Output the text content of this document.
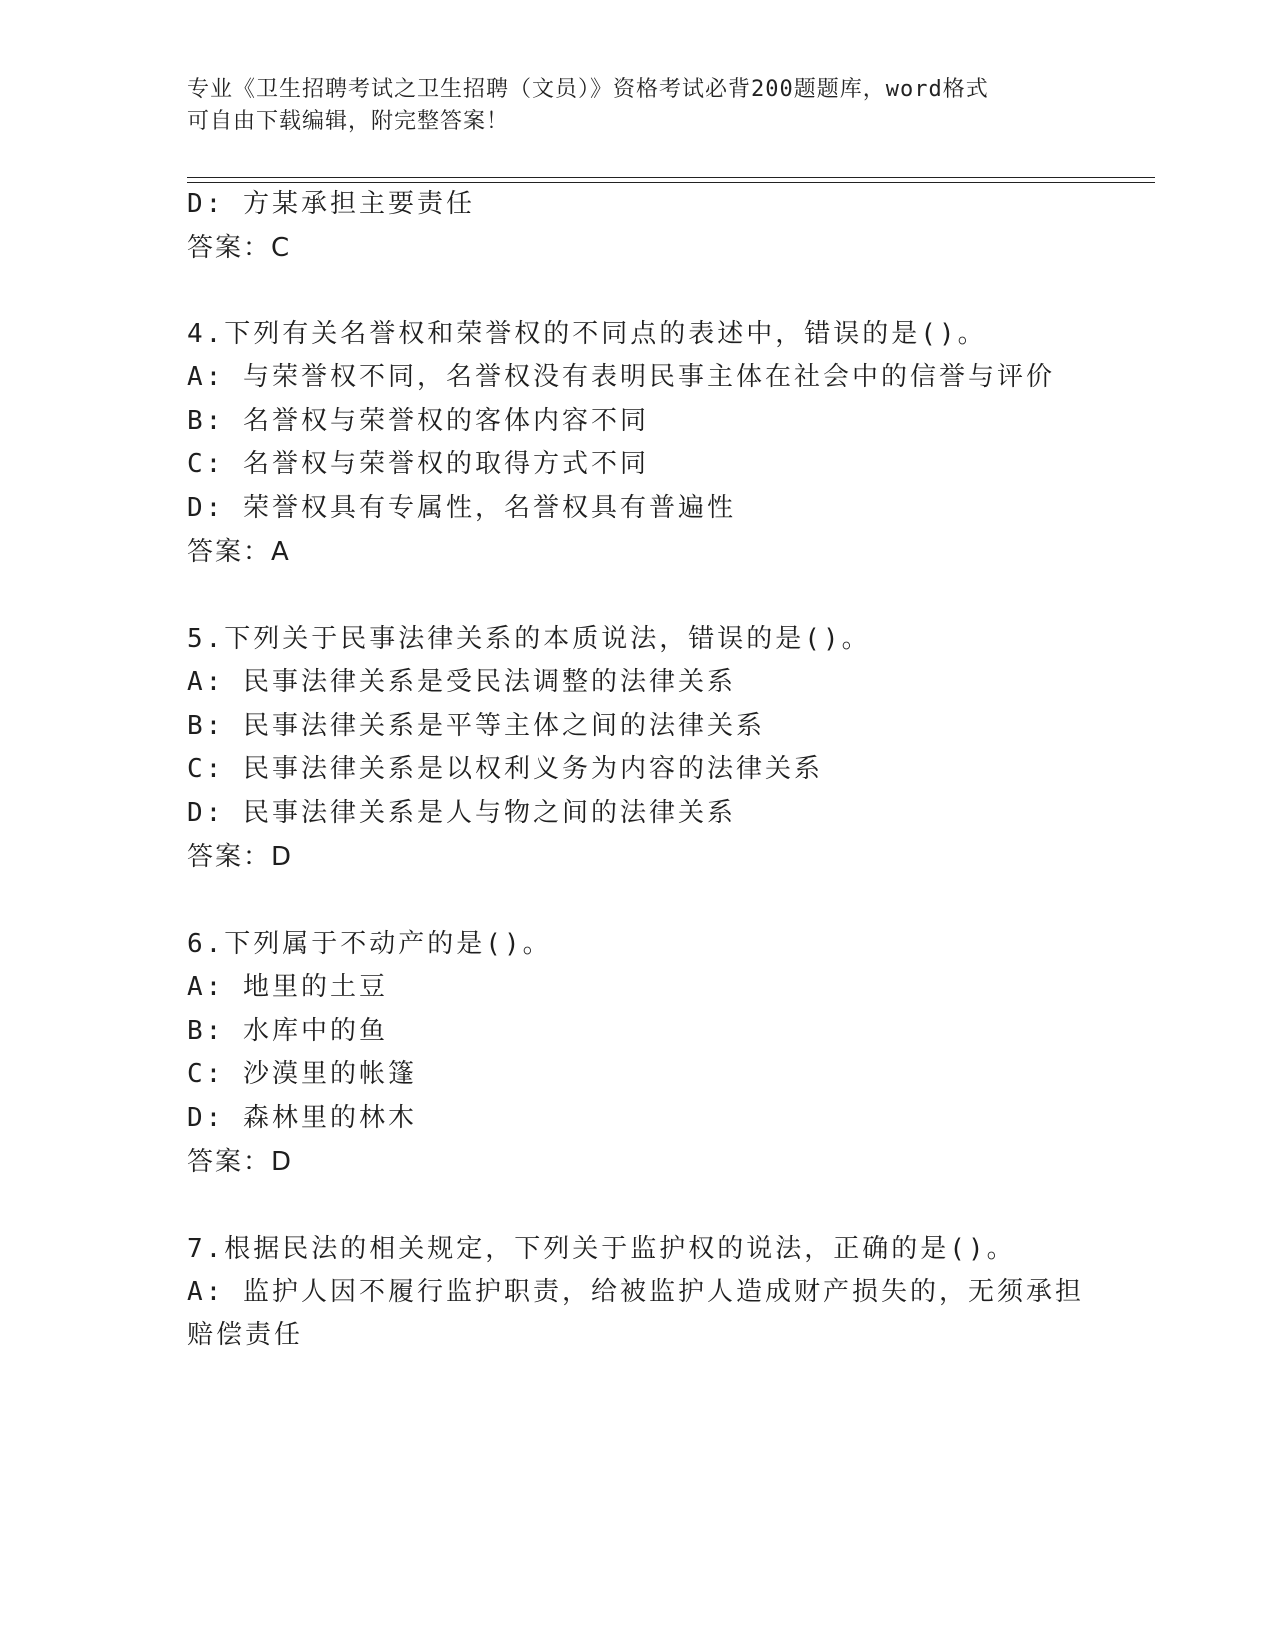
专业《卫生招聘考试之卫生招聘（文员）》资格考试必背200题题库，word格式
可自由下载编辑，附完整答案！
D: 方某承担主要责任
答案：C
4.下列有关名誉权和荣誉权的不同点的表述中，错误的是()。
A: 与荣誉权不同，名誉权没有表明民事主体在社会中的信誉与评价
B: 名誉权与荣誉权的客体内容不同
C: 名誉权与荣誉权的取得方式不同
D: 荣誉权具有专属性，名誉权具有普遍性
答案：A
5.下列关于民事法律关系的本质说法，错误的是()。
A: 民事法律关系是受民法调整的法律关系
B: 民事法律关系是平等主体之间的法律关系
C: 民事法律关系是以权利义务为内容的法律关系
D: 民事法律关系是人与物之间的法律关系
答案：D
6.下列属于不动产的是()。
A: 地里的土豆
B: 水库中的鱼
C: 沙漠里的帐篷
D: 森林里的林木
答案：D
7.根据民法的相关规定，下列关于监护权的说法，正确的是()。
A: 监护人因不履行监护职责，给被监护人造成财产损失的，无须承担
赔偿责任
